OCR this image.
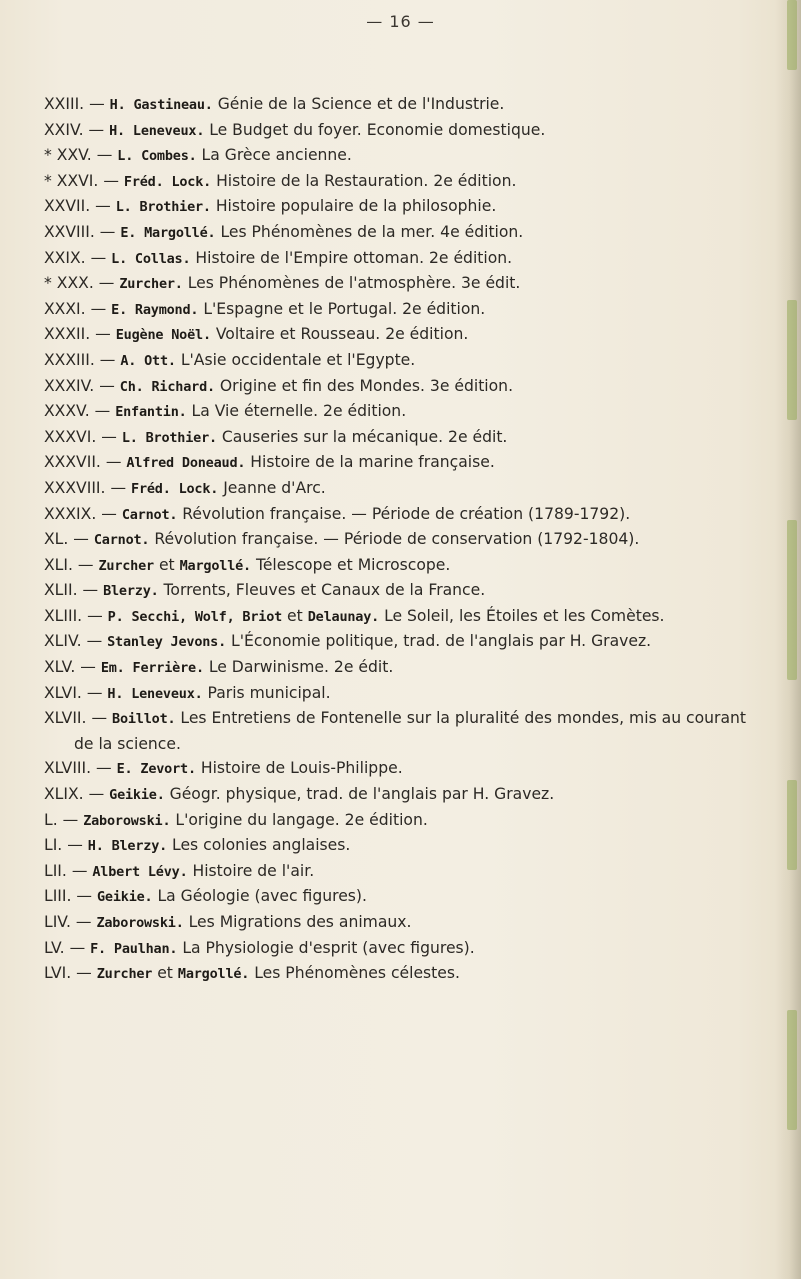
— 16 —
XXIII. — H. Gastineau. Génie de la Science et de l'Industrie.
XXIV. — H. Leneveux. Le Budget du foyer. Economie domestique.
* XXV. — L. Combes. La Grèce ancienne.
* XXVI. — Fréd. Lock. Histoire de la Restauration. 2e édition.
XXVII. — L. Brothier. Histoire populaire de la philosophie.
XXVIII. — E. Margollé. Les Phénomènes de la mer. 4e édition.
XXIX. — L. Collas. Histoire de l'Empire ottoman. 2e édition.
* XXX. — Zurcher. Les Phénomènes de l'atmosphère. 3e édit.
XXXI. — E. Raymond. L'Espagne et le Portugal. 2e édition.
XXXII. — Eugène Noël. Voltaire et Rousseau. 2e édition.
XXXIII. — A. Ott. L'Asie occidentale et l'Egypte.
XXXIV. — Ch. Richard. Origine et fin des Mondes. 3e édition.
XXXV. — Enfantin. La Vie éternelle. 2e édition.
XXXVI. — L. Brothier. Causeries sur la mécanique. 2e édit.
XXXVII. — Alfred Doneaud. Histoire de la marine française.
XXXVIII. — Fréd. Lock. Jeanne d'Arc.
XXXIX. — Carnot. Révolution française. — Période de création (1789-1792).
XL. — Carnot. Révolution française. — Période de conservation (1792-1804).
XLI. — Zurcher et Margollé. Télescope et Microscope.
XLII. — Blerzy. Torrents, Fleuves et Canaux de la France.
XLIII. — P. Secchi, Wolf, Briot et Delaunay. Le Soleil, les Étoiles et les Comètes.
XLIV. — Stanley Jevons. L'Économie politique, trad. de l'anglais par H. Gravez.
XLV. — Em. Ferrière. Le Darwinisme. 2e édit.
XLVI. — H. Leneveux. Paris municipal.
XLVII. — Boillot. Les Entretiens de Fontenelle sur la pluralité des mondes, mis au courant de la science.
XLVIII. — E. Zevort. Histoire de Louis-Philippe.
XLIX. — Geikie. Géogr. physique, trad. de l'anglais par H. Gravez.
L. — Zaborowski. L'origine du langage. 2e édition.
LI. — H. Blerzy. Les colonies anglaises.
LII. — Albert Lévy. Histoire de l'air.
LIII. — Geikie. La Géologie (avec figures).
LIV. — Zaborowski. Les Migrations des animaux.
LV. — F. Paulhan. La Physiologie d'esprit (avec figures).
LVI. — Zurcher et Margollé. Les Phénomènes célestes.
